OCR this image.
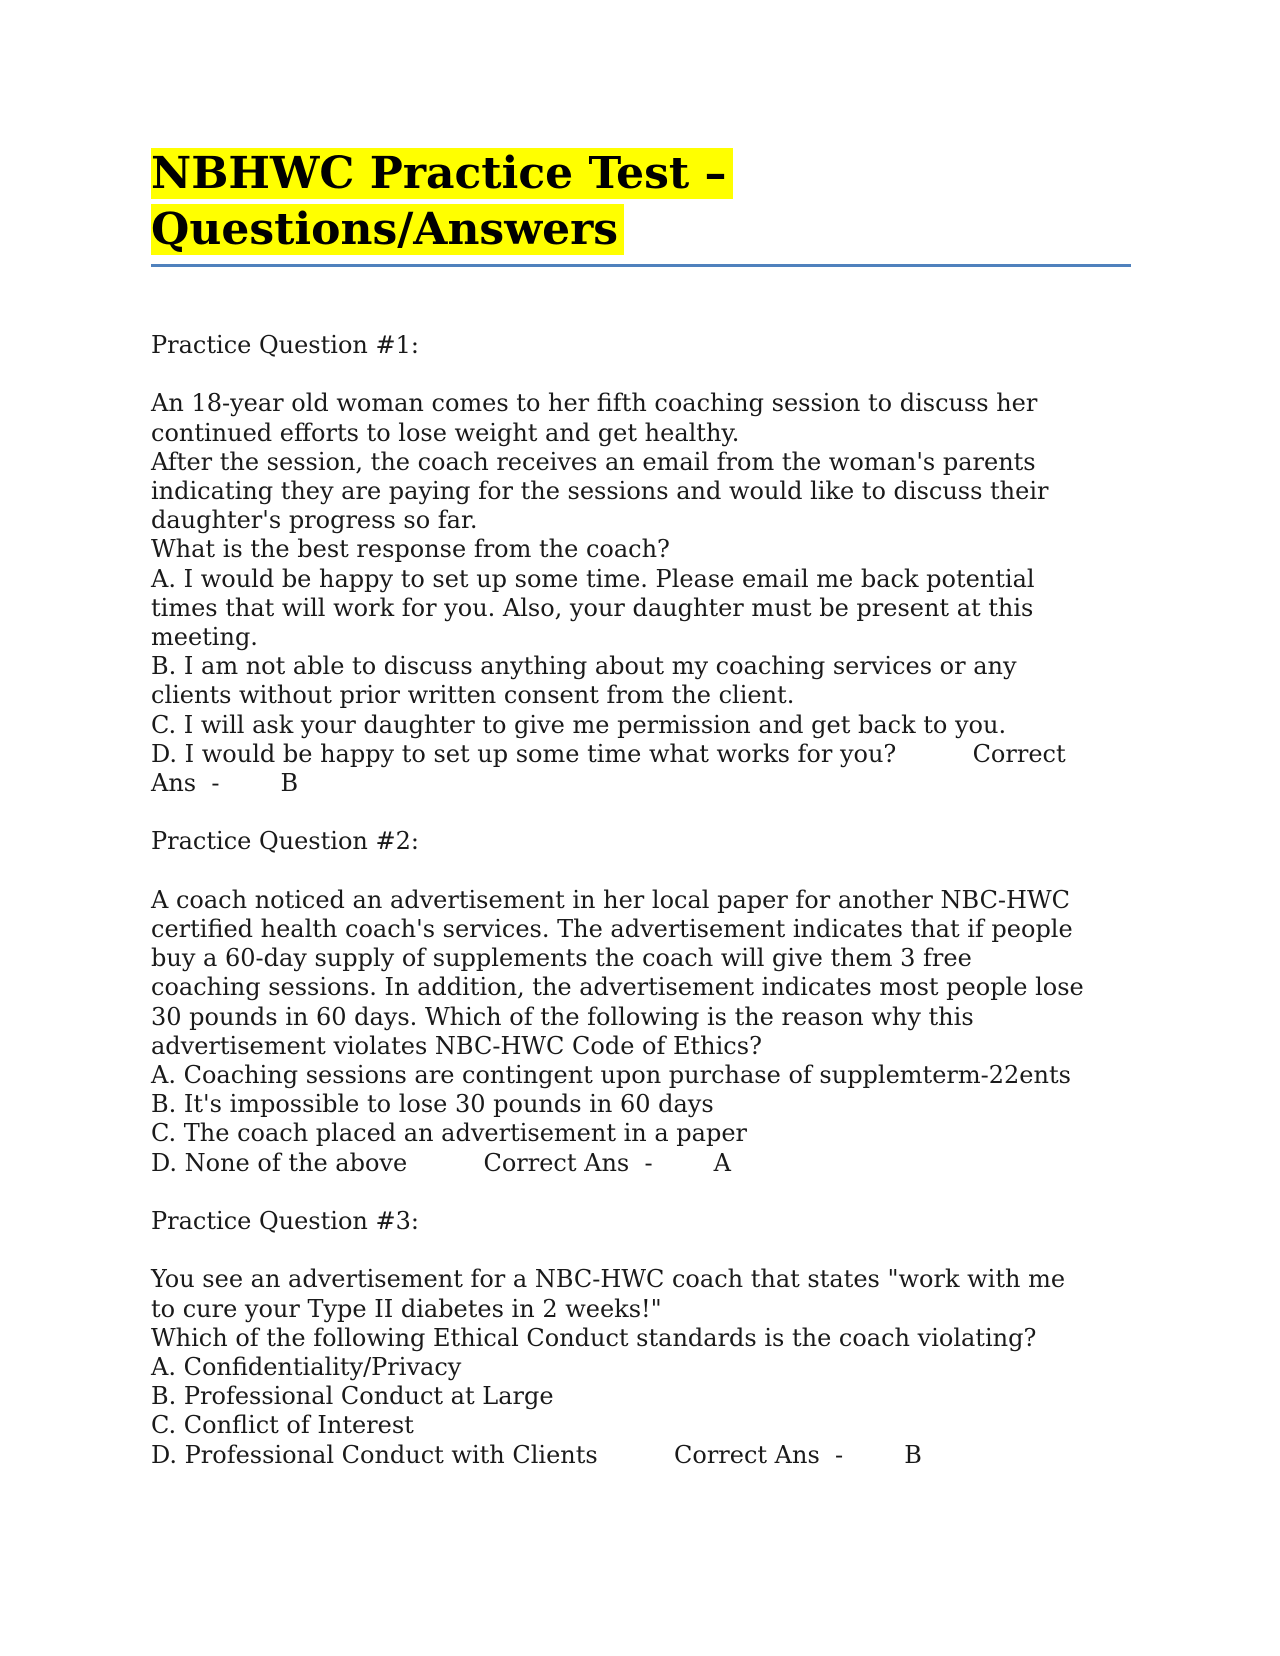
NBHWC Practice Test –

Questions/Answers

Practice Question #1:

An 18-year old woman comes to her fifth coaching session to discuss her

continued efforts to lose weight and get healthy.

After the session, the coach receives an email from the woman's parents

indicating they are paying for the sessions and would like to discuss their

daughter's progress so far.

What is the best response from the coach?

A. I would be happy to set up some time. Please email me back potential

times that will work for you. Also, your daughter must be present at this

meeting.

B. I am not able to discuss anything about my coaching services or any

clients without prior written consent from the client.

C. I will ask your daughter to give me permission and get back to you.

D. I would be happy to set up some time what works for you?          Correct

Ans  -        B

Practice Question #2:

A coach noticed an advertisement in her local paper for another NBC-HWC

certified health coach's services. The advertisement indicates that if people

buy a 60-day supply of supplements the coach will give them 3 free

coaching sessions. In addition, the advertisement indicates most people lose

30 pounds in 60 days. Which of the following is the reason why this

advertisement violates NBC-HWC Code of Ethics?

A. Coaching sessions are contingent upon purchase of supplemterm-22ents

B. It's impossible to lose 30 pounds in 60 days

C. The coach placed an advertisement in a paper

D. None of the above          Correct Ans  -        A

Practice Question #3:

You see an advertisement for a NBC-HWC coach that states "work with me

to cure your Type II diabetes in 2 weeks!"

Which of the following Ethical Conduct standards is the coach violating?

A. Confidentiality/Privacy

B. Professional Conduct at Large

C. Conflict of Interest

D. Professional Conduct with Clients          Correct Ans  -        B
